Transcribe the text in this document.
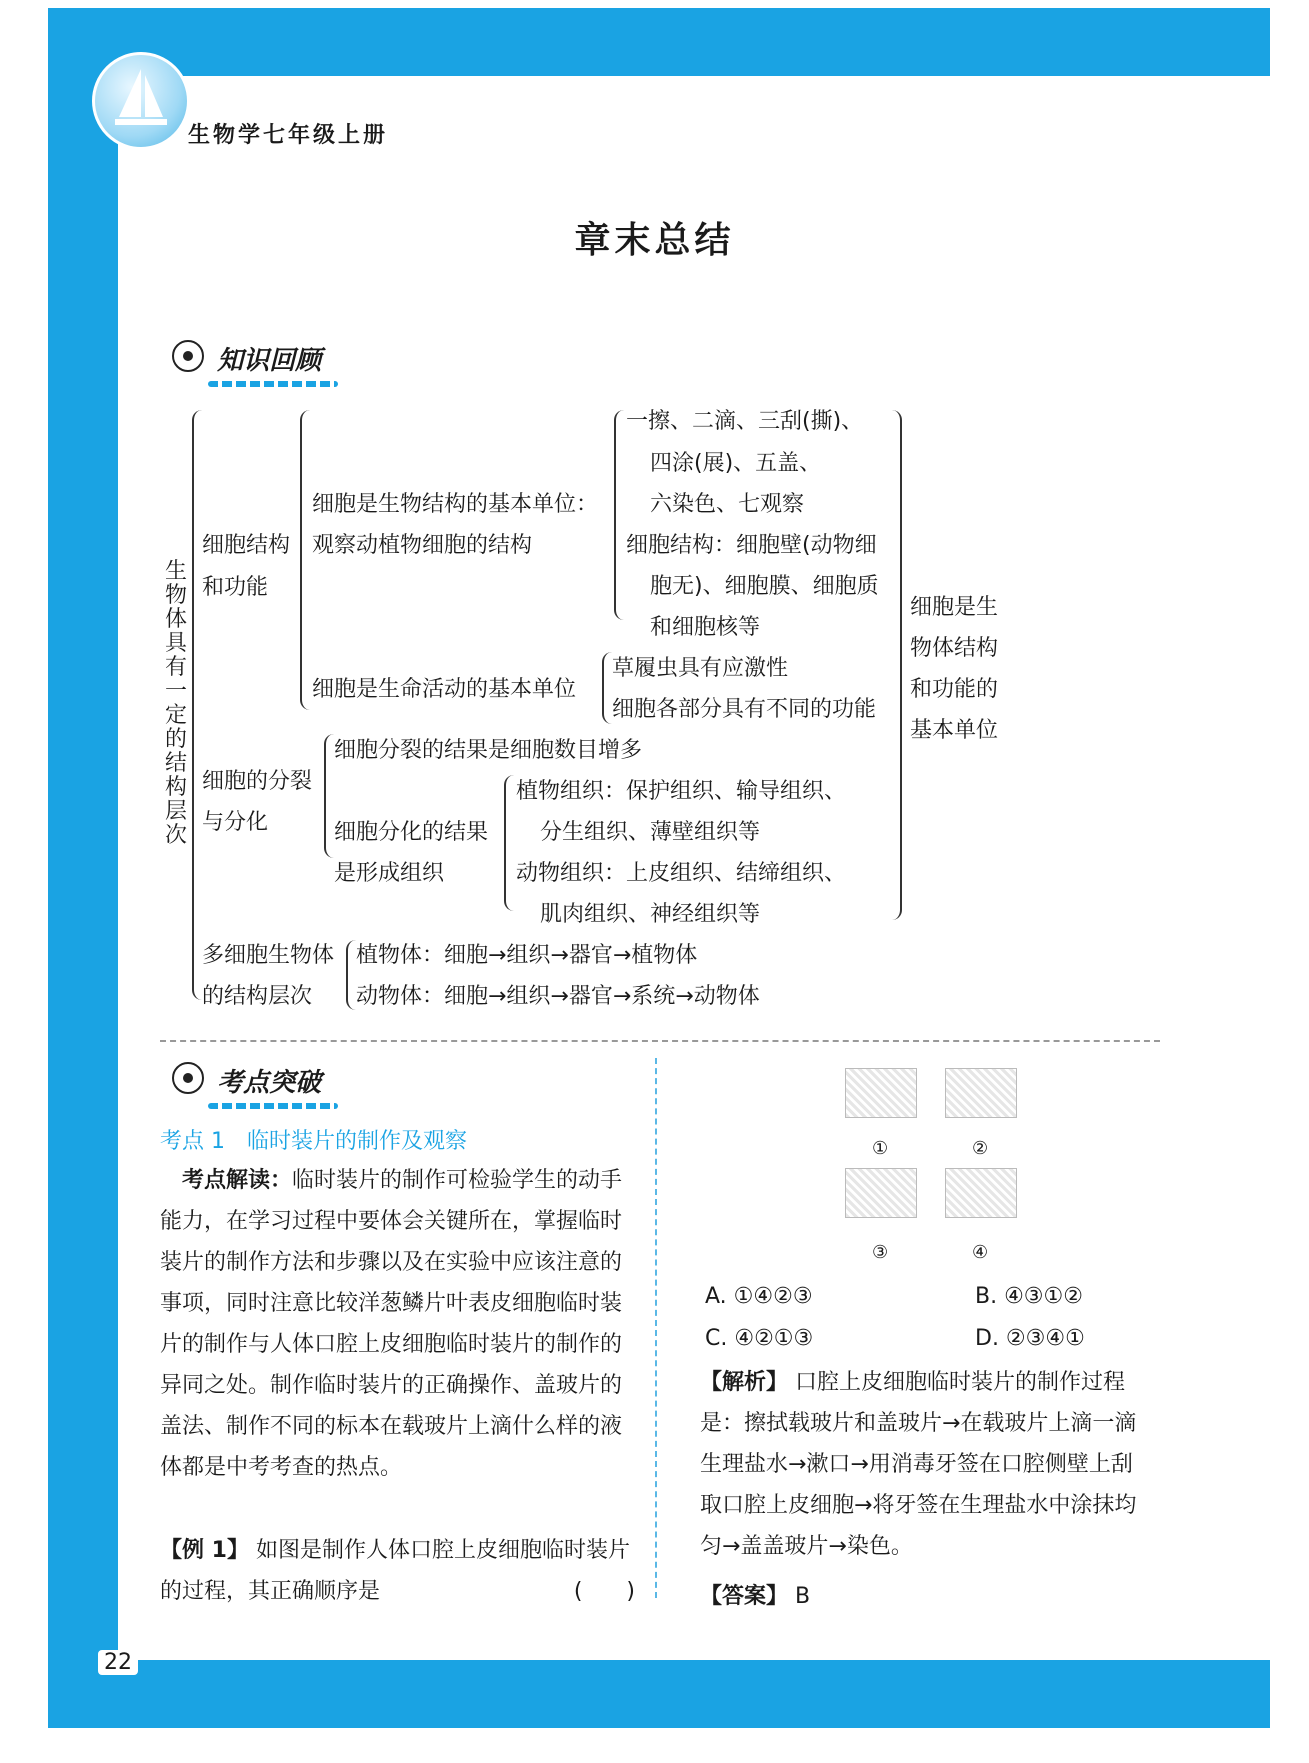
生物学七年级上册
章末总结
知识回顾
生物体具有一定的结构层次
细胞结构
和功能
细胞是生物结构的基本单位：
观察动植物细胞的结构
一擦、二滴、三刮(撕)、
四涂(展)、五盖、
六染色、七观察
细胞结构：细胞壁(动物细
胞无)、细胞膜、细胞质
和细胞核等
细胞是生命活动的基本单位
草履虫具有应激性
细胞各部分具有不同的功能
细胞的分裂
与分化
细胞分裂的结果是细胞数目增多
细胞分化的结果
是形成组织
植物组织：保护组织、输导组织、
分生组织、薄壁组织等
动物组织：上皮组织、结缔组织、
肌肉组织、神经组织等
细胞是生
物体结构
和功能的
基本单位
多细胞生物体
的结构层次
植物体：细胞→组织→器官→植物体
动物体：细胞→组织→器官→系统→动物体
考点突破
考点 1　临时装片的制作及观察
考点解读：临时装片的制作可检验学生的动手能力，在学习过程中要体会关键所在，掌握临时装片的制作方法和步骤以及在实验中应该注意的事项，同时注意比较洋葱鳞片叶表皮细胞临时装片的制作与人体口腔上皮细胞临时装片的制作的异同之处。制作临时装片的正确操作、盖玻片的盖法、制作不同的标本在载玻片上滴什么样的液体都是中考考查的热点。
【例 1】 如图是制作人体口腔上皮细胞临时装片的过程，其正确顺序是	(　　)
①	②
③	④
A. ①④②③	B. ④③①②
C. ④②①③	D. ②③④①
【解析】 口腔上皮细胞临时装片的制作过程是：擦拭载玻片和盖玻片→在载玻片上滴一滴生理盐水→漱口→用消毒牙签在口腔侧壁上刮取口腔上皮细胞→将牙签在生理盐水中涂抹均匀→盖盖玻片→染色。
【答案】 B
22
